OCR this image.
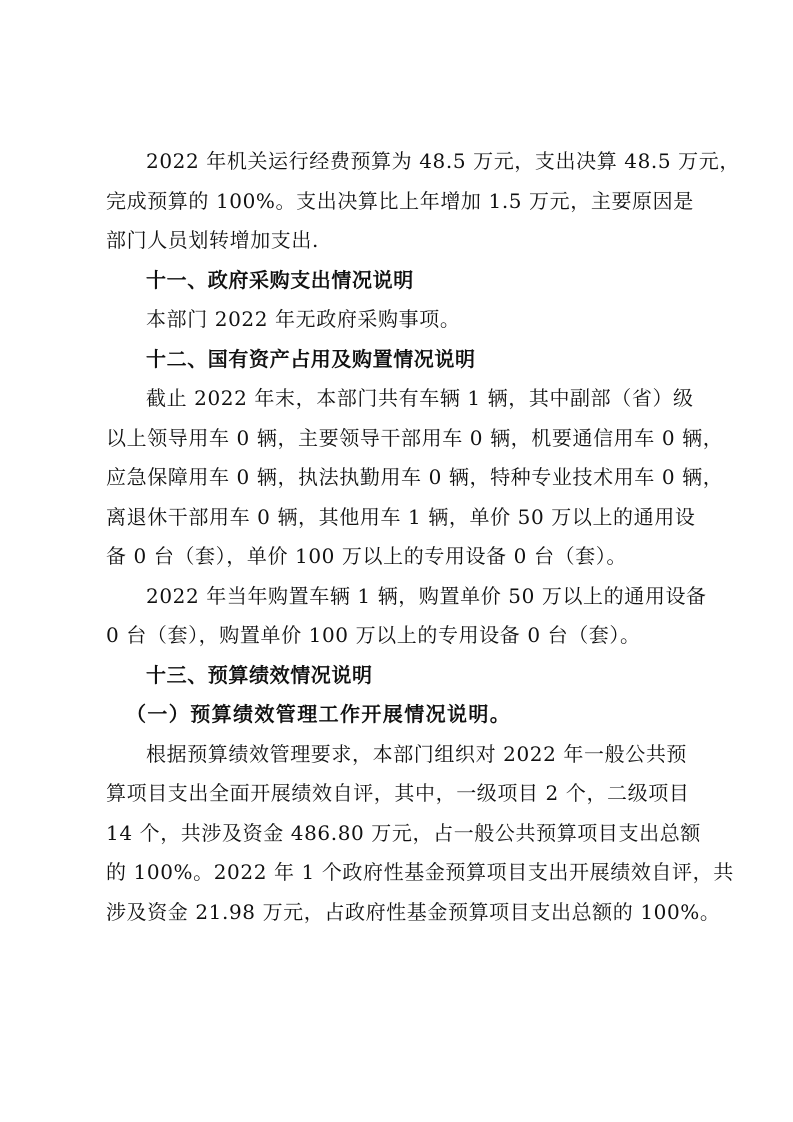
2022 年机关运行经费预算为 48.5 万元，支出决算 48.5 万元，
完成预算的 100%。支出决算比上年增加 1.5 万元，主要原因是
部门人员划转增加支出.

十一、政府采购支出情况说明

本部门 2022 年无政府采购事项。

十二、国有资产占用及购置情况说明

截止 2022 年末，本部门共有车辆 1 辆，其中副部（省）级
以上领导用车 0 辆，主要领导干部用车 0 辆，机要通信用车 0 辆，
应急保障用车 0 辆，执法执勤用车 0 辆，特种专业技术用车 0 辆，
离退休干部用车 0 辆，其他用车 1 辆，单价 50 万以上的通用设
备 0 台（套），单价 100 万以上的专用设备 0 台（套）。

2022 年当年购置车辆 1 辆，购置单价 50 万以上的通用设备
0 台（套），购置单价 100 万以上的专用设备 0 台（套）。

十三、预算绩效情况说明

（一）预算绩效管理工作开展情况说明。

根据预算绩效管理要求，本部门组织对 2022 年一般公共预
算项目支出全面开展绩效自评，其中，一级项目 2 个，二级项目
14 个，共涉及资金 486.80 万元，占一般公共预算项目支出总额
的 100%。2022 年 1 个政府性基金预算项目支出开展绩效自评，共
涉及资金 21.98 万元，占政府性基金预算项目支出总额的 100%。
